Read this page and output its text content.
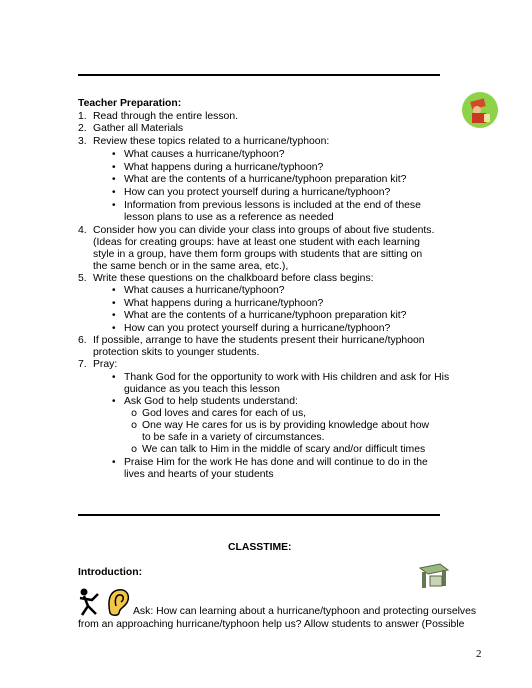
Teacher Preparation:
1. Read through the entire lesson.
2. Gather all Materials
3. Review these topics related to a hurricane/typhoon:
• What causes a hurricane/typhoon?
• What happens during a hurricane/typhoon?
• What are the contents of a hurricane/typhoon preparation kit?
• How can you protect yourself during a hurricane/typhoon?
• Information from previous lessons is included at the end of these
lesson plans to use as a reference as needed
4. Consider how you can divide your class into groups of about five students.
(Ideas for creating groups: have at least one student with each learning
style in a group, have them form groups with students that are sitting on
the same bench or in the same area, etc.),
5. Write these questions on the chalkboard before class begins:
• What causes a hurricane/typhoon?
• What happens during a hurricane/typhoon?
• What are the contents of a hurricane/typhoon preparation kit?
• How can you protect yourself during a hurricane/typhoon?
6. If possible, arrange to have the students present their hurricane/typhoon
protection skits to younger students.
7. Pray:
• Thank God for the opportunity to work with His children and ask for His
guidance as you teach this lesson
• Ask God to help students understand:
o God loves and cares for each of us,
o One way He cares for us is by providing knowledge about how
to be safe in a variety of circumstances.
o We can talk to Him in the middle of scary and/or difficult times
• Praise Him for the work He has done and will continue to do in the
lives and hearts of your students
CLASSTIME:
Introduction:
Ask: How can learning about a hurricane/typhoon and protecting ourselves
from an approaching hurricane/typhoon help us? Allow students to answer (Possible
2
